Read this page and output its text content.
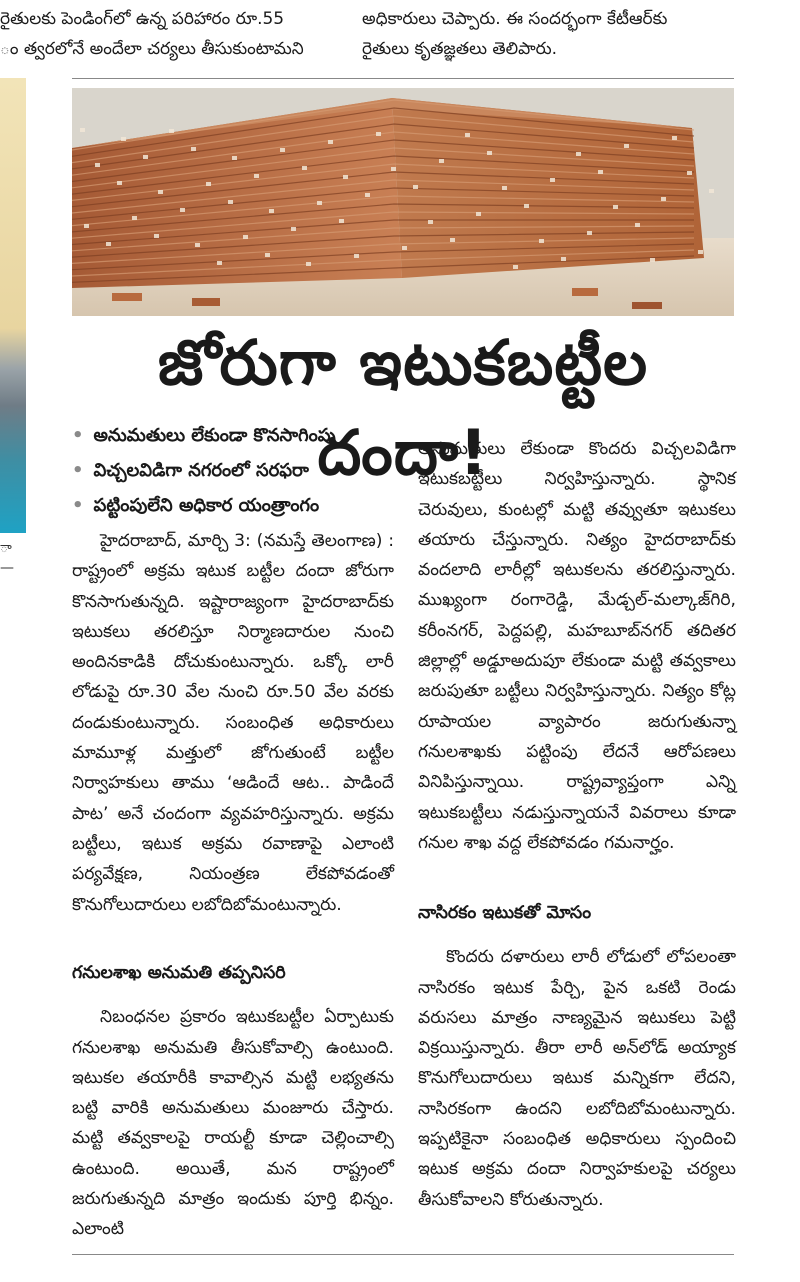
రైతులకు పెండింగ్‌లో ఉన్న పరిహారం రూ.55
ం త్వరలోనే అందేలా చర్యలు తీసుకుంటామని
అధికారులు చెప్పారు. ఈ సందర్భంగా కేటీఆర్‌కు
రైతులు కృతజ్ఞతలు తెలిపారు.
ా
—
జోరుగా ఇటుకబట్టీల దందా!
• అనుమతులు లేకుండా కొనసాగింపు
• విచ్చలవిడిగా నగరంలో సరఫరా
• పట్టింపులేని అధికార యంత్రాంగం

హైదరాబాద్, మార్చి 3: (నమస్తే తెలంగాణ) : రాష్ట్రంలో అక్రమ ఇటుక బట్టీల దందా జోరుగా కొనసాగుతున్నది. ఇష్టారాజ్యంగా హైదరాబాద్‌కు ఇటుకలు తరలిస్తూ నిర్మాణదారుల నుంచి అందినకాడికి దోచుకుంటున్నారు. ఒక్కో లారీ లోడుపై రూ.30 వేల నుంచి రూ.50 వేల వరకు దండుకుంటున్నారు. సంబంధిత అధికారులు మామూళ్ల మత్తులో జోగుతుంటే బట్టీల నిర్వాహకులు తాము ‘ఆడిందే ఆట.. పాడిందే పాట’ అనే చందంగా వ్యవహరిస్తున్నారు. అక్రమ బట్టీలు, ఇటుక అక్రమ రవాణాపై ఎలాంటి పర్యవేక్షణ, నియంత్రణ లేకపోవడంతో కొనుగోలుదారులు లబోదిబోమంటున్నారు.

గనులశాఖ అనుమతి తప్పనిసరి

నిబంధనల ప్రకారం ఇటుకబట్టీల ఏర్పాటుకు గనులశాఖ అనుమతి తీసుకోవాల్సి ఉంటుంది. ఇటుకల తయారీకి కావాల్సిన మట్టి లభ్యతను బట్టి వారికి అనుమతులు మంజూరు చేస్తారు. మట్టి తవ్వకాలపై రాయల్టీ కూడా చెల్లించాల్సి ఉంటుంది. అయితే, మన రాష్ట్రంలో జరుగుతున్నది మాత్రం ఇందుకు పూర్తి భిన్నం. ఎలాంటి

అనుమతులు లేకుండా కొందరు విచ్చలవిడిగా ఇటుకబట్టీలు నిర్వహిస్తున్నారు. స్థానిక చెరువులు, కుంటల్లో మట్టి తవ్వుతూ ఇటుకలు తయారు చేస్తున్నారు. నిత్యం హైదరాబాద్‌కు వందలాది లారీల్లో ఇటుకలను తరలిస్తున్నారు. ముఖ్యంగా రంగారెడ్డి, మేడ్చల్-మల్కాజ్‌గిరి, కరీంనగర్, పెద్దపల్లి, మహబూబ్‌నగర్ తదితర జిల్లాల్లో అడ్డూఅదుపూ లేకుండా మట్టి తవ్వకాలు జరుపుతూ బట్టీలు నిర్వహిస్తున్నారు. నిత్యం కోట్ల రూపాయల వ్యాపారం జరుగుతున్నా గనులశాఖకు పట్టింపు లేదనే ఆరోపణలు వినిపిస్తున్నాయి. రాష్ట్రవ్యాప్తంగా ఎన్ని ఇటుకబట్టీలు నడుస్తున్నాయనే వివరాలు కూడా గనుల శాఖ వద్ద లేకపోవడం గమనార్హం.

నాసిరకం ఇటుకతో మోసం

కొందరు దళారులు లారీ లోడులో లోపలంతా నాసిరకం ఇటుక పేర్చి, పైన ఒకటి రెండు వరుసలు మాత్రం నాణ్యమైన ఇటుకలు పెట్టి విక్రయిస్తున్నారు. తీరా లారీ అన్‌లోడ్ అయ్యాక కొనుగోలుదారులు ఇటుక మన్నికగా లేదని, నాసిరకంగా ఉందని లబోదిబోమంటున్నారు. ఇప్పటికైనా సంబంధిత అధికారులు స్పందించి ఇటుక అక్రమ దందా నిర్వాహకులపై చర్యలు తీసుకోవాలని కోరుతున్నారు.
